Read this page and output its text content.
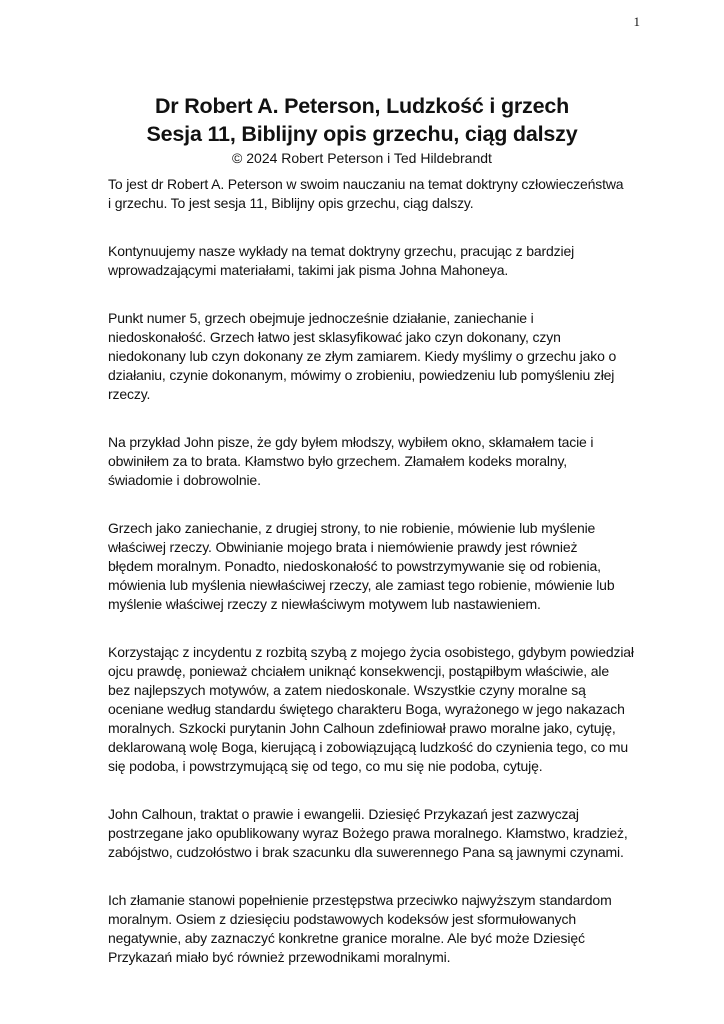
1
Dr Robert A. Peterson, Ludzkość i grzech
Sesja 11, Biblijny opis grzechu, ciąg dalszy
© 2024 Robert Peterson i Ted Hildebrandt

To jest dr Robert A. Peterson w swoim nauczaniu na temat doktryny człowieczeństwa
i grzechu. To jest sesja 11, Biblijny opis grzechu, ciąg dalszy.

Kontynuujemy nasze wykłady na temat doktryny grzechu, pracując z bardziej
wprowadzającymi materiałami, takimi jak pisma Johna Mahoneya.

Punkt numer 5, grzech obejmuje jednocześnie działanie, zaniechanie i
niedoskonałość. Grzech łatwo jest sklasyfikować jako czyn dokonany, czyn
niedokonany lub czyn dokonany ze złym zamiarem. Kiedy myślimy o grzechu jako o
działaniu, czynie dokonanym, mówimy o zrobieniu, powiedzeniu lub pomyśleniu złej
rzeczy.

Na przykład John pisze, że gdy byłem młodszy, wybiłem okno, skłamałem tacie i
obwiniłem za to brata. Kłamstwo było grzechem. Złamałem kodeks moralny,
świadomie i dobrowolnie.

Grzech jako zaniechanie, z drugiej strony, to nie robienie, mówienie lub myślenie
właściwej rzeczy. Obwinianie mojego brata i niemówienie prawdy jest również
błędem moralnym. Ponadto, niedoskonałość to powstrzymywanie się od robienia,
mówienia lub myślenia niewłaściwej rzeczy, ale zamiast tego robienie, mówienie lub
myślenie właściwej rzeczy z niewłaściwym motywem lub nastawieniem.

Korzystając z incydentu z rozbitą szybą z mojego życia osobistego, gdybym powiedział
ojcu prawdę, ponieważ chciałem uniknąć konsekwencji, postąpiłbym właściwie, ale
bez najlepszych motywów, a zatem niedoskonale. Wszystkie czyny moralne są
oceniane według standardu świętego charakteru Boga, wyrażonego w jego nakazach
moralnych. Szkocki purytanin John Calhoun zdefiniował prawo moralne jako, cytuję,
deklarowaną wolę Boga, kierującą i zobowiązującą ludzkość do czynienia tego, co mu
się podoba, i powstrzymującą się od tego, co mu się nie podoba, cytuję.

John Calhoun, traktat o prawie i ewangelii. Dziesięć Przykazań jest zazwyczaj
postrzegane jako opublikowany wyraz Bożego prawa moralnego. Kłamstwo, kradzież,
zabójstwo, cudzołóstwo i brak szacunku dla suwerennego Pana są jawnymi czynami.

Ich złamanie stanowi popełnienie przestępstwa przeciwko najwyższym standardom
moralnym. Osiem z dziesięciu podstawowych kodeksów jest sformułowanych
negatywnie, aby zaznaczyć konkretne granice moralne. Ale być może Dziesięć
Przykazań miało być również przewodnikami moralnymi.
